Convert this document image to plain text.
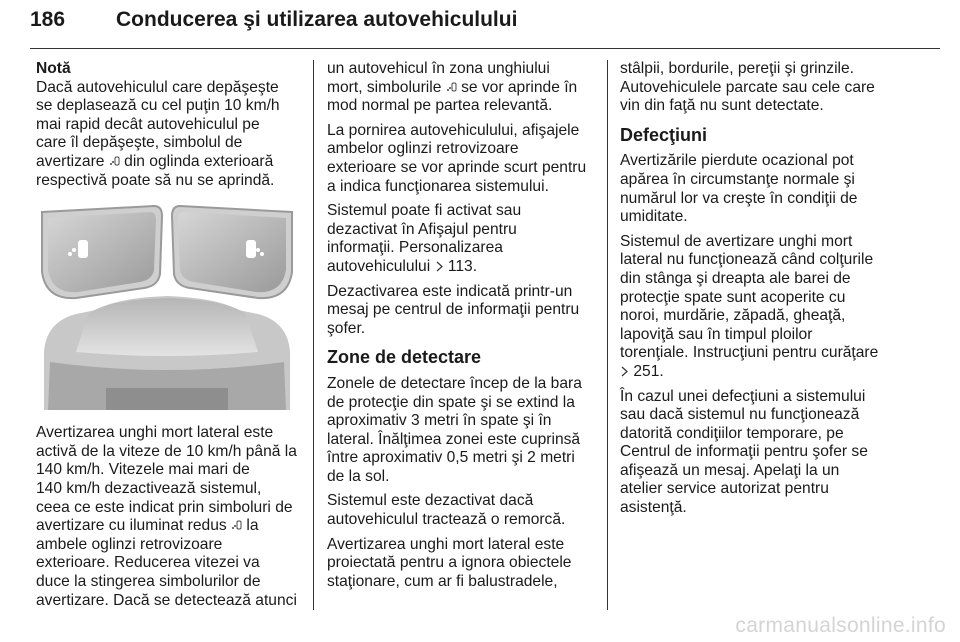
186 Conducerea şi utilizarea autovehiculului
Notă
Dacă autovehiculul care depăşeşte
se deplasează cu cel puţin 10 km/h
mai rapid decât autovehiculul pe
care îl depăşeşte, simbolul de
avertizare din oglinda exterioară
respectivă poate să nu se aprindă.
Avertizarea unghi mort lateral este
activă de la viteze de 10 km/h până la
140 km/h. Vitezele mai mari de
140 km/h dezactivează sistemul,
ceea ce este indicat prin simboluri de
avertizare cu iluminat redus la
ambele oglinzi retrovizoare
exterioare. Reducerea vitezei va
duce la stingerea simbolurilor de
avertizare. Dacă se detectează atunci
un autovehicul în zona unghiului
mort, simbolurile se vor aprinde în
mod normal pe partea relevantă.
La pornirea autovehiculului, afişajele
ambelor oglinzi retrovizoare
exterioare se vor aprinde scurt pentru
a indica funcţionarea sistemului.
Sistemul poate fi activat sau
dezactivat în Afişajul pentru
informaţii. Personalizarea
autovehiculului 113.
Dezactivarea este indicată printr-un
mesaj pe centrul de informaţii pentru
şofer.
Zone de detectare
Zonele de detectare încep de la bara
de protecţie din spate şi se extind la
aproximativ 3 metri în spate şi în
lateral. Înălţimea zonei este cuprinsă
între aproximativ 0,5 metri şi 2 metri
de la sol.
Sistemul este dezactivat dacă
autovehiculul tractează o remorcă.
Avertizarea unghi mort lateral este
proiectată pentru a ignora obiectele
staţionare, cum ar fi balustradele,
stâlpii, bordurile, pereţii şi grinzile.
Autovehiculele parcate sau cele care
vin din faţă nu sunt detectate.
Defecţiuni
Avertizările pierdute ocazional pot
apărea în circumstanţe normale şi
numărul lor va creşte în condiţii de
umiditate.
Sistemul de avertizare unghi mort
lateral nu funcţionează când colţurile
din stânga şi dreapta ale barei de
protecţie spate sunt acoperite cu
noroi, murdărie, zăpadă, gheaţă,
lapoviţă sau în timpul ploilor
torenţiale. Instrucţiuni pentru curăţare
251.
În cazul unei defecţiuni a sistemului
sau dacă sistemul nu funcţionează
datorită condiţiilor temporare, pe
Centrul de informaţii pentru şofer se
afişează un mesaj. Apelaţi la un
atelier service autorizat pentru
asistenţă.
carmanualsonline.info
